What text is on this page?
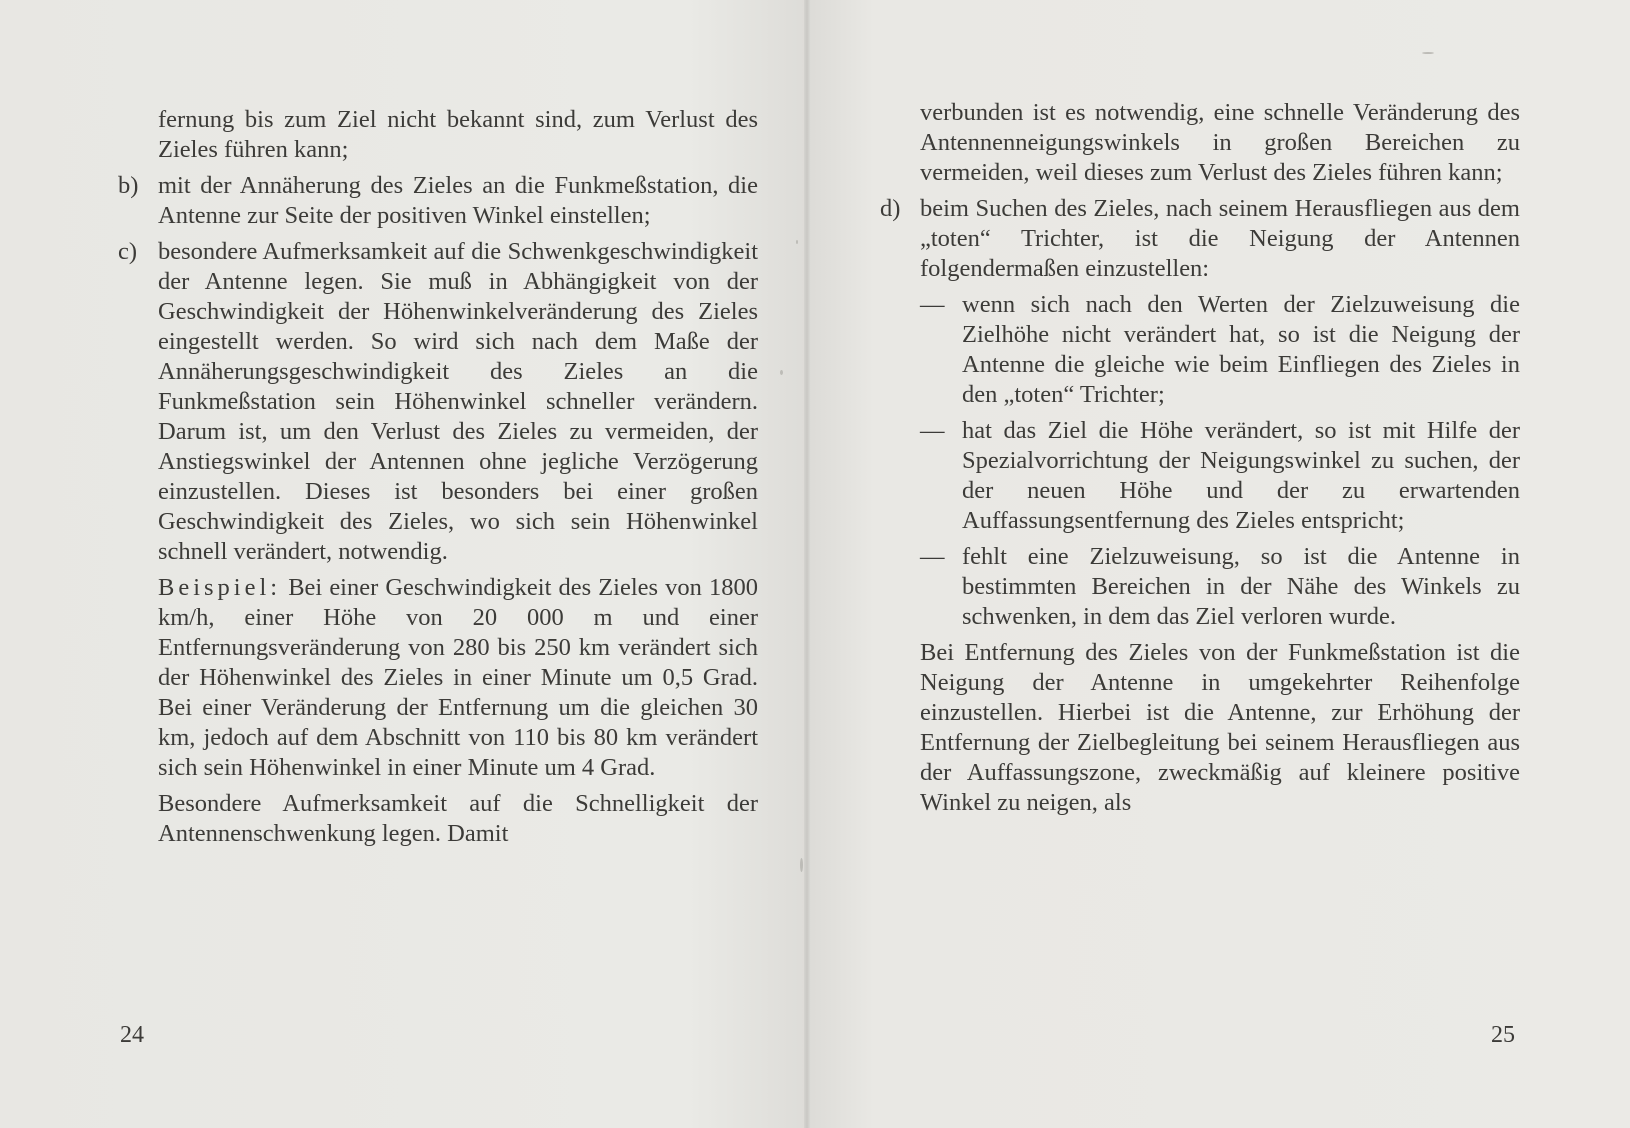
fernung bis zum Ziel nicht bekannt sind, zum Verlust des Zieles führen kann;

b) mit der Annäherung des Zieles an die Funkmeßstation, die Antenne zur Seite der positiven Winkel einstellen;

c) besondere Aufmerksamkeit auf die Schwenkgeschwindigkeit der Antenne legen. Sie muß in Abhängigkeit von der Geschwindigkeit der Höhenwinkelveränderung des Zieles eingestellt werden. So wird sich nach dem Maße der Annäherungsgeschwindigkeit des Zieles an die Funkmeßstation sein Höhenwinkel schneller verändern. Darum ist, um den Verlust des Zieles zu vermeiden, der Anstiegswinkel der Antennen ohne jegliche Verzögerung einzustellen. Dieses ist besonders bei einer großen Geschwindigkeit des Zieles, wo sich sein Höhenwinkel schnell verändert, notwendig.

Beispiel: Bei einer Geschwindigkeit des Zieles von 1800 km/h, einer Höhe von 20 000 m und einer Entfernungsveränderung von 280 bis 250 km verändert sich der Höhenwinkel des Zieles in einer Minute um 0,5 Grad. Bei einer Veränderung der Entfernung um die gleichen 30 km, jedoch auf dem Abschnitt von 110 bis 80 km verändert sich sein Höhenwinkel in einer Minute um 4 Grad.

Besondere Aufmerksamkeit auf die Schnelligkeit der Antennenschwenkung legen. Damit

24

verbunden ist es notwendig, eine schnelle Veränderung des Antennenneigungswinkels in großen Bereichen zu vermeiden, weil dieses zum Verlust des Zieles führen kann;

d) beim Suchen des Zieles, nach seinem Herausfliegen aus dem „toten“ Trichter, ist die Neigung der Antennen folgendermaßen einzustellen:

— wenn sich nach den Werten der Zielzuweisung die Zielhöhe nicht verändert hat, so ist die Neigung der Antenne die gleiche wie beim Einfliegen des Zieles in den „toten“ Trichter;
— hat das Ziel die Höhe verändert, so ist mit Hilfe der Spezialvorrichtung der Neigungswinkel zu suchen, der der neuen Höhe und der zu erwartenden Auffassungsentfernung des Zieles entspricht;
— fehlt eine Zielzuweisung, so ist die Antenne in bestimmten Bereichen in der Nähe des Winkels zu schwenken, in dem das Ziel verloren wurde.

Bei Entfernung des Zieles von der Funkmeßstation ist die Neigung der Antenne in umgekehrter Reihenfolge einzustellen. Hierbei ist die Antenne, zur Erhöhung der Entfernung der Zielbegleitung bei seinem Herausfliegen aus der Auffassungszone, zweckmäßig auf kleinere positive Winkel zu neigen, als

25
